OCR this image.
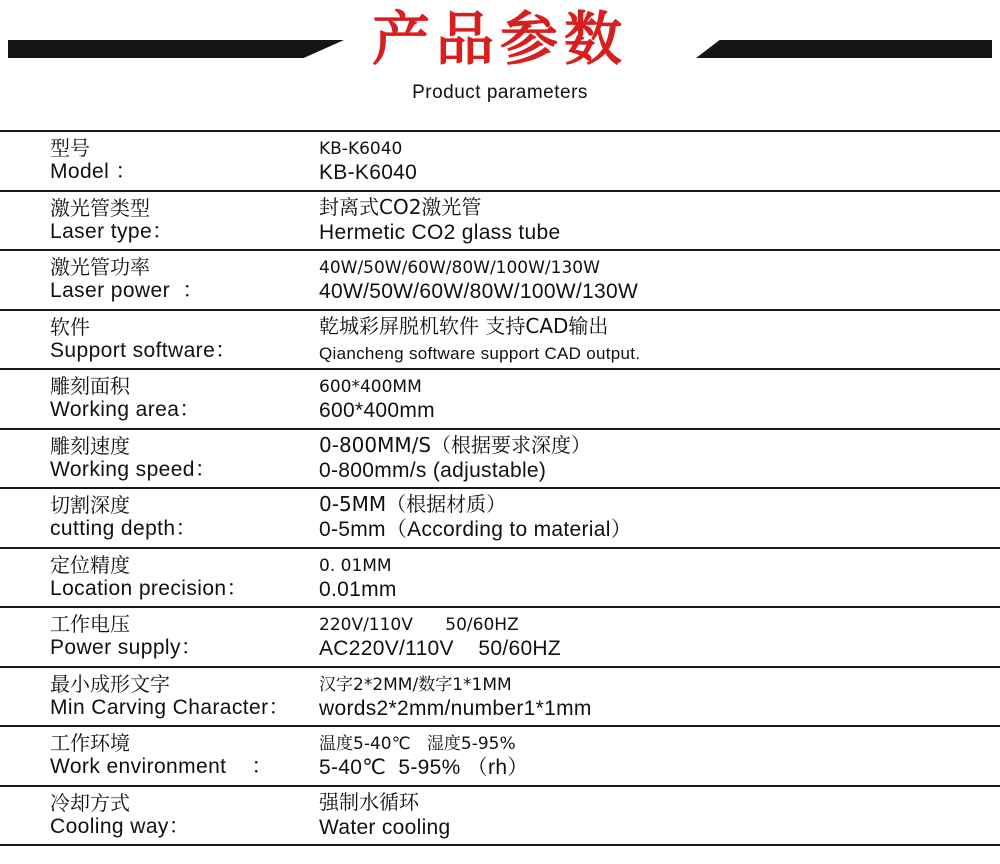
产品参数
Product parameters
型号
Model ：
KB-K6040
KB-K6040
激光管类型
Laser type：
封离式CO2激光管
Hermetic CO2 glass tube
激光管功率
Laser power  ：
40W/50W/60W/80W/100W/130W
40W/50W/60W/80W/100W/130W
软件
Support software：
乾城彩屏脱机软件 支持CAD输出
Qiancheng software support CAD output.
雕刻面积
Working area：
600*400MM
600*400mm
雕刻速度
Working speed：
0-800MM/S（根据要求深度）
0-800mm/s (adjustable)
切割深度
cutting depth：
0-5MM（根据材质）
0-5mm（According to material）
定位精度
Location precision：
0. 01MM
0.01mm
工作电压
Power supply：
220V/110V      50/60HZ
AC220V/110V    50/60HZ
最小成形文字
Min Carving Character：
汉字2*2MM/数字1*1MM
words2*2mm/number1*1mm
工作环境
Work environment    ：
温度5-40℃   湿度5-95%
5-40℃  5-95% （rh）
冷却方式
Cooling way：
强制水循环
Water cooling
